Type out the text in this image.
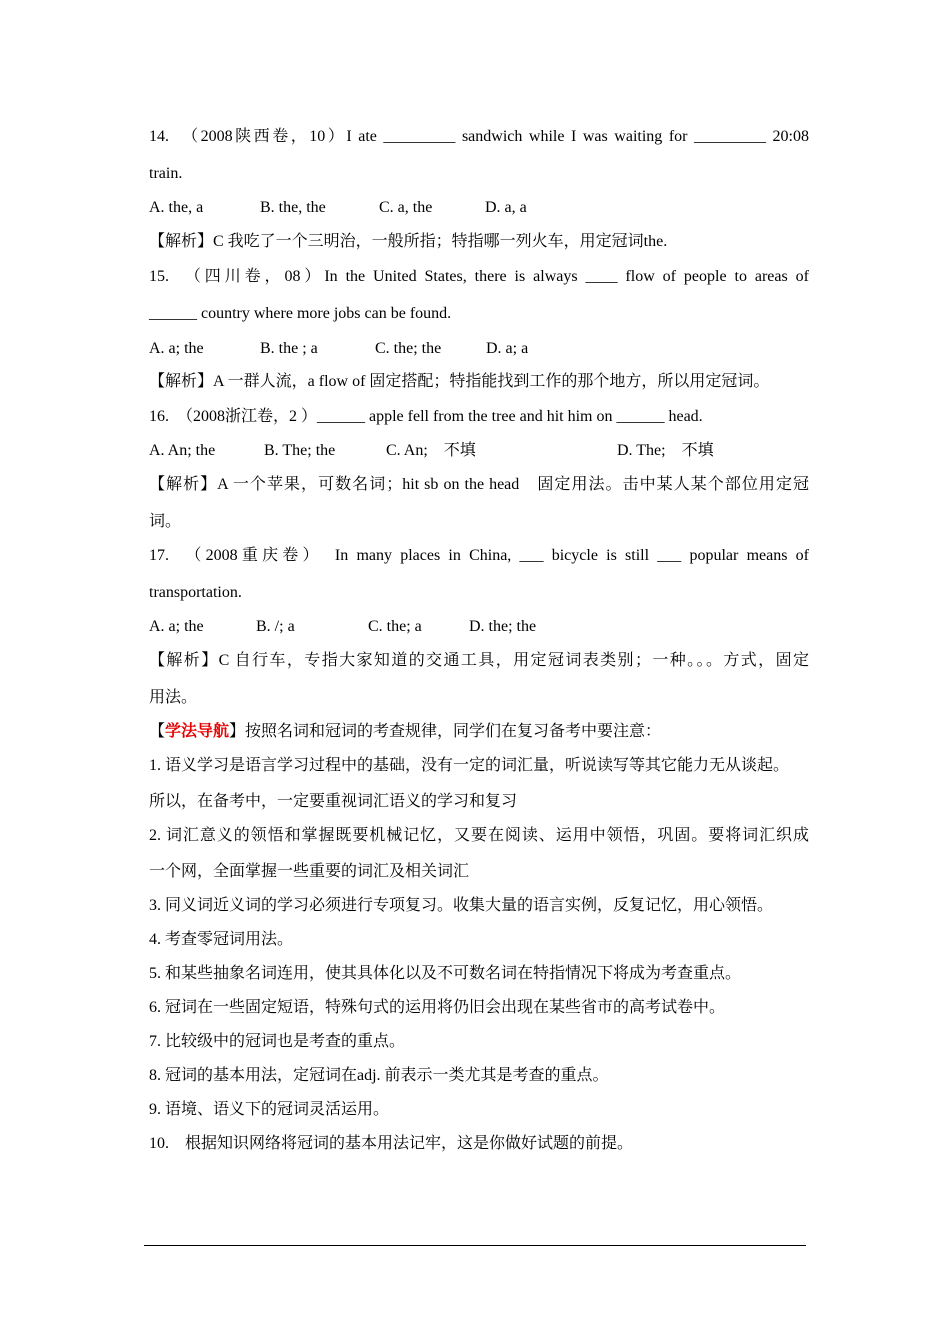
14.　（2008陕西卷，10）I ate _________ sandwich while I was waiting for _________ 20:08
train.
A. the, a	B. the, the	C. a, the	D. a, a
【解析】C 我吃了一个三明治，一般所指；特指哪一列火车，用定冠词the.
15.　（四川卷，08）In the United States, there is always ____ flow of people to areas of
______ country where more jobs can be found.
A. a; the	B. the ; a	C. the; the	D. a; a
【解析】A 一群人流，a flow of 固定搭配；特指能找到工作的那个地方，所以用定冠词。
16.　（2008浙江卷，2 ）______ apple fell from the tree and hit him on ______ head.
A. An; the	B. The; the	C. An;　不填	D. The;　不填
【解析】A 一个苹果，可数名词；hit sb on the head　固定用法。击中某人某个部位用定冠
词。
17.　（2008重庆卷）　In many places in China, ___ bicycle is still ___ popular means of
transportation.
A. a; the	B. /; a	C. the; a	D. the; the
【解析】C 自行车，专指大家知道的交通工具，用定冠词表类别；一种。。。方式，固定
用法。
【学法导航】按照名词和冠词的考查规律，同学们在复习备考中要注意：
1. 语义学习是语言学习过程中的基础，没有一定的词汇量，听说读写等其它能力无从谈起。
所以，在备考中，一定要重视词汇语义的学习和复习
2. 词汇意义的领悟和掌握既要机械记忆，又要在阅读、运用中领悟，巩固。要将词汇织成
一个网，全面掌握一些重要的词汇及相关词汇
3. 同义词近义词的学习必须进行专项复习。收集大量的语言实例，反复记忆，用心领悟。
4. 考查零冠词用法。
5. 和某些抽象名词连用，使其具体化以及不可数名词在特指情况下将成为考查重点。
6. 冠词在一些固定短语，特殊句式的运用将仍旧会出现在某些省市的高考试卷中。
7. 比较级中的冠词也是考查的重点。
8. 冠词的基本用法，定冠词在adj. 前表示一类尤其是考查的重点。
9. 语境、语义下的冠词灵活运用。
10.　根据知识网络将冠词的基本用法记牢，这是你做好试题的前提。
